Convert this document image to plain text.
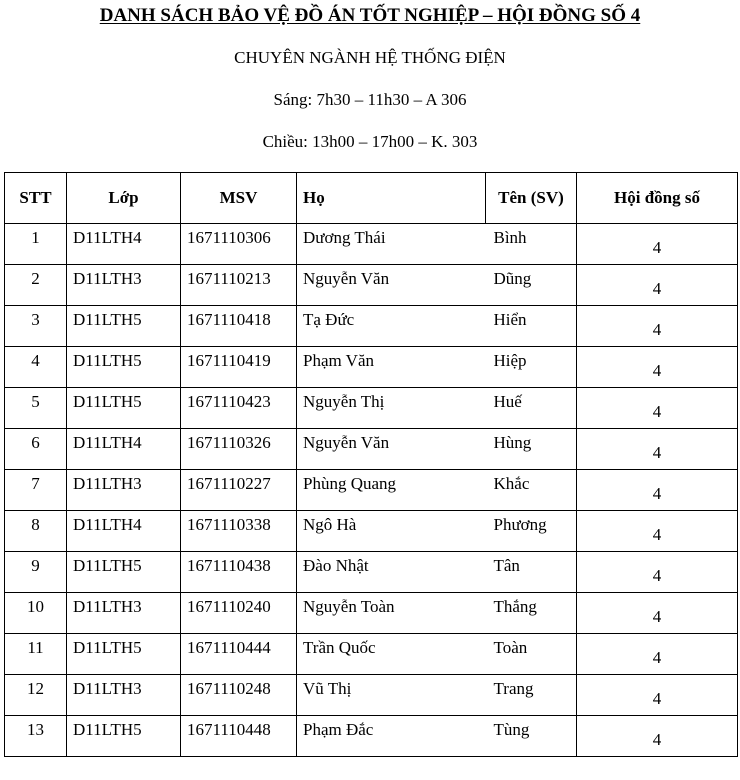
DANH SÁCH BẢO VỆ ĐỒ ÁN TỐT NGHIỆP – HỘI ĐỒNG SỐ 4
CHUYÊN NGÀNH HỆ THỐNG ĐIỆN
Sáng: 7h30 – 11h30 – A 306
Chiều: 13h00 – 17h00 – K. 303
STT	Lớp	MSV	Họ	Tên (SV)	Hội đồng số
1	D11LTH4	1671110306	Dương Thái	Bình	4
2	D11LTH3	1671110213	Nguyễn Văn	Dũng	4
3	D11LTH5	1671110418	Tạ Đức	Hiển	4
4	D11LTH5	1671110419	Phạm Văn	Hiệp	4
5	D11LTH5	1671110423	Nguyễn Thị	Huế	4
6	D11LTH4	1671110326	Nguyễn Văn	Hùng	4
7	D11LTH3	1671110227	Phùng Quang	Khắc	4
8	D11LTH4	1671110338	Ngô Hà	Phương	4
9	D11LTH5	1671110438	Đào Nhật	Tân	4
10	D11LTH3	1671110240	Nguyễn Toàn	Thắng	4
11	D11LTH5	1671110444	Trần Quốc	Toàn	4
12	D11LTH3	1671110248	Vũ Thị	Trang	4
13	D11LTH5	1671110448	Phạm Đắc	Tùng	4
